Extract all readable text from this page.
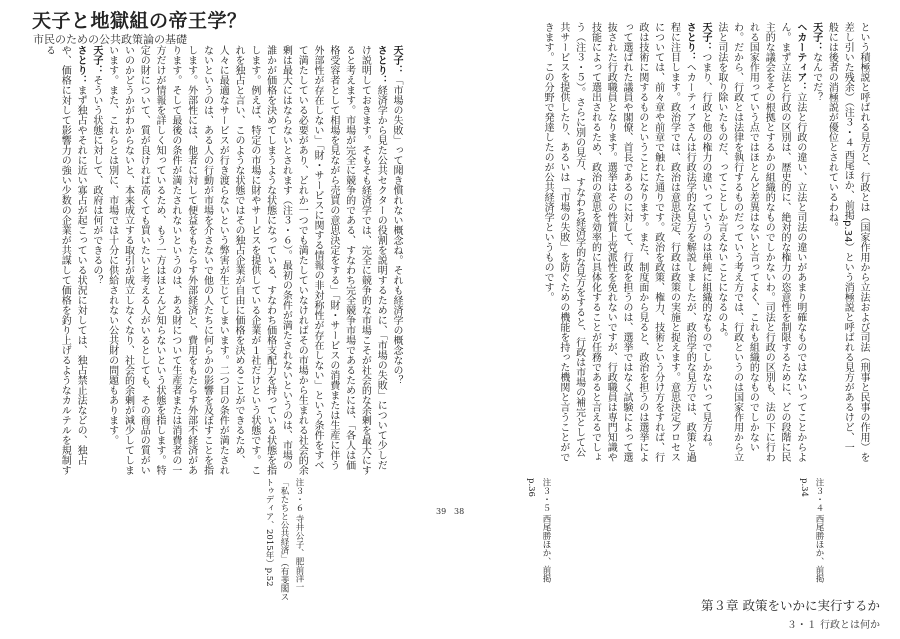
天子と地獄組の帝王学？
市民のための公共政策論の基礎

天子：「市場の失敗」って聞き慣れない概念ね。それも経済学の概念なの？

さとり：経済学から見た公共セクターの役割を説明するために、「市場の失敗」について少しだけ説明しておきます。そもそも経済学では、完全に競争的な市場こそが社会的な余剰を最大にすると考えます。市場が完全に競争的である、すなわち完全競争市場であるためには、「各人は価格受容者として相場を見ながら売買の意思決定をする」「財・サービスの消費または生産に伴う外部性が存在しない」「財・サービスに関する情報の非対称性が存在しない」という条件をすべて満たしている必要があり、どれか一つでも満たしていなければその市場から生まれる社会的余剰は最大にはならないとされます（注３・６）。最初の条件が満たされないというのは、市場の誰かが価格を決めてしまうような状態になっている、すなわち価格支配力を持っている状態を指します。例えば、特定の市場に財やサービスを提供している企業が１社だけという状態です。これを独占と言い、このような状態ではその独占企業が自由に価格を決めることができるため、人々に最適なサービスが行き渡らないという弊害が生じてしまいます。二つ目の条件が満たされないというのは、ある人の行動が市場を介さないで他の人たちに何らかの影響を及ぼすことを指します。外部性には、他者に対して便益をもたらす外部経済と、費用をもたらす外部不経済があります。そして最後の条件が満たされないというのは、ある財について生産者または消費者の一方だけが情報を詳しく知っているため、もう一方はほとんど知らないという状態を指します。特定の財について、質が良ければ高くても買いたいと考える人がいるとしても、その商品の質がいいのかどうかがわからないと、本来成立する取引が成立しなくなり、社会的余剰が減少してしまいます。また、これらとは別に、市場では十分に供給されない公共財の問題もあります。

天子：そういう状態に対して、政府は何ができるの？

さとり：まず独占やそれに近い寡占が起こっている状況に対しては、独占禁止法などの、独占や、価格に対して影響力の強い少数の企業が共謀して価格を釣り上げるようなカルテルを規制する	という積極説と呼ばれる見方と、行政とは（国家作用から立法および司法（刑事と民事の作用）を差し引いた残余）（注３・４ 西尾ほか、前掲p.34）という消極説と呼ばれる見方があるけど、一般には後者の消極説が優位とされているわね。

天子：なんでだ？

ヘカーティア：立法と行政の違い、立法と司法の違いがあまり明確なものではないってことからよん。まず立法と行政の区別は、歴史的に、絶対的な権力の恣意性を制限するために、どの段階に民主的な議会をその根拠とするかの組織的なものでしかないわ。司法と行政の区別も、法の下に行われる国家作用っていう点ではほとんど差異はないと言ってよく、これも組織的なものでしかないわ。だから、行政とは法律を執行するものだっていう考え方では、行政というのは国家作用から立法と司法を取り除いたものだ、ってことしか言えないことになるのよ。

天子：つまり、行政と他の権力の違いっていうのは単純に組織的なものでしかないって見方ね。

さとり：ヘカーティアさんは行政法学的な見方を解説しましたが、政治学的な見方では、政策と過程に注目します。政治学では、政治は意思決定、行政は政策の実施と捉えます。意思決定プロセスについては、前々章や前章で触れた通りです。政治を政策、権力、技術という分け方をすれば、行政は技術に関するものということになります。また、制度面から見ると、政治を担うのは選挙によって選ばれた議員や閣僚、首長であるのに対して、行政を担うのは、選挙ではなく試験によって選抜された行政職員となります。選挙はその性質上党派性を免れないですが、行政職員は専門知識や技能によって選出されるため、政治の意思を効率的に具体化することが任務であると言えるでしょう（注３・５）。さらに別の見方、すなわち経済学的な見方をすると、行政は市場の補完として公共サービスを提供したり、あるいは「市場の失敗」を防ぐための機能を持った機関と言うことができます。この分野で発達したのが公共経済学というものです。

注３・６ 寺井公子、肥前洋一「私たちと公共経済」（有斐閣ストゥディア、2015年）p.52	注３・５ 西尾勝ほか、前掲p.36	注３・４ 西尾勝ほか、前掲p.34
39 38
第３章 政策をいかに実行するか
３・１ 行政とは何か
